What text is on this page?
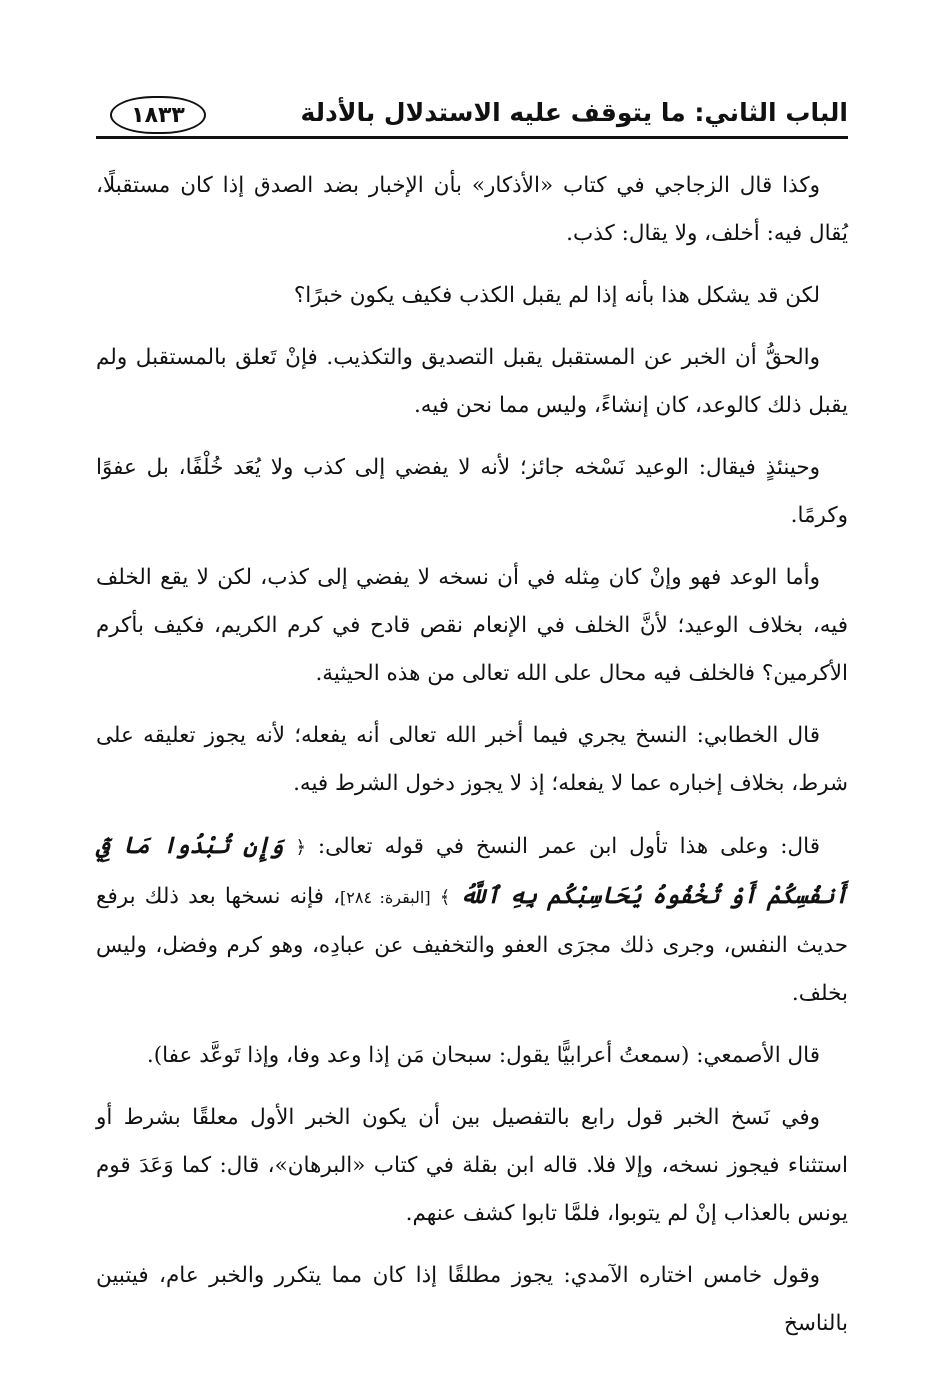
الباب الثاني: ما يتوقف عليه الاستدلال بالأدلة
١٨٣٣

وكذا قال الزجاجي في كتاب «الأذكار» بأن الإخبار بضد الصدق إذا كان مستقبلًا، يُقال فيه: أخلف، ولا يقال: كذب.

لكن قد يشكل هذا بأنه إذا لم يقبل الكذب فكيف يكون خبرًا؟

والحقُّ أن الخبر عن المستقبل يقبل التصديق والتكذيب. فإنْ تَعلق بالمستقبل ولم يقبل ذلك كالوعد، كان إنشاءً، وليس مما نحن فيه.

وحينئذٍ فيقال: الوعيد نَسْخه جائز؛ لأنه لا يفضي إلى كذب ولا يُعَد خُلْفًا، بل عفوًا وكرمًا.

وأما الوعد فهو وإنْ كان مِثله في أن نسخه لا يفضي إلى كذب، لكن لا يقع الخلف فيه، بخلاف الوعيد؛ لأنَّ الخلف في الإنعام نقص قادح في كرم الكريم، فكيف بأكرم الأكرمين؟ فالخلف فيه محال على الله تعالى من هذه الحيثية.

قال الخطابي: النسخ يجري فيما أخبر الله تعالى أنه يفعله؛ لأنه يجوز تعليقه على شرط، بخلاف إخباره عما لا يفعله؛ إذ لا يجوز دخول الشرط فيه.

قال: وعلى هذا تأول ابن عمر النسخ في قوله تعالى: ﴿ وَإِن تُبْدُوا مَا فِيٓ أَنفُسِكُمْ أَوْ تُخْفُوهُ يُحَاسِبْكُم بِهِ ٱللَّهُ ﴾ [البقرة: ٢٨٤]، فإنه نسخها بعد ذلك برفع حديث النفس، وجرى ذلك مجرَى العفو والتخفيف عن عبادِه، وهو كرم وفضل، وليس بخلف.

قال الأصمعي: (سمعتُ أعرابيًّا يقول: سبحان مَن إذا وعد وفا، وإذا تَوعَّد عفا).

وفي نَسخ الخبر قول رابع بالتفصيل بين أن يكون الخبر الأول معلقًا بشرط أو استثناء فيجوز نسخه، وإلا فلا. قاله ابن بقلة في كتاب «البرهان»، قال: كما وَعَدَ قوم يونس بالعذاب إنْ لم يتوبوا، فلمَّا تابوا كشف عنهم.

وقول خامس اختاره الآمدي: يجوز مطلقًا إذا كان مما يتكرر والخبر عام، فيتبين بالناسخ
